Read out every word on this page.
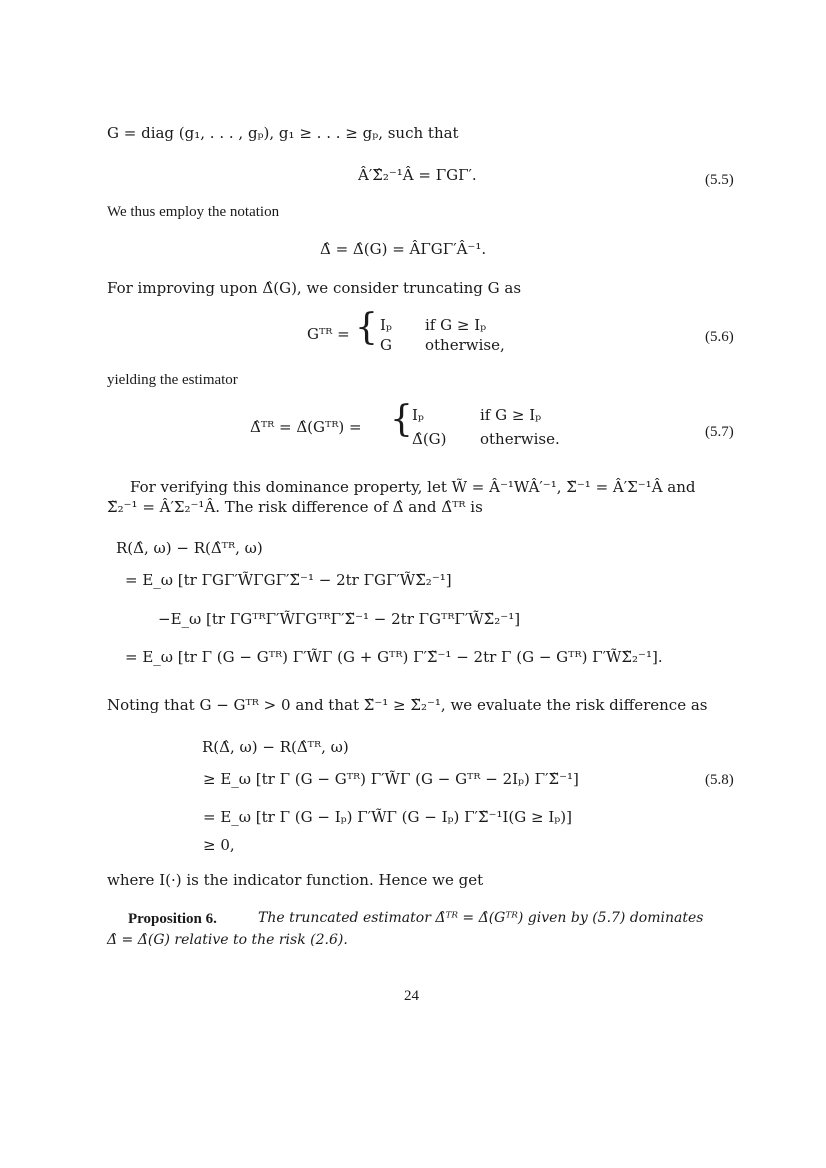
G = diag (g₁, . . . , gₚ), g₁ ≥ . . . ≥ gₚ, such that
Â′Σ̂₂⁻¹Â = ΓGΓ′.	(5.5)
We thus employ the notation
Δ̂ = Δ̂(G) = ÂΓGΓ′Â⁻¹.
For improving upon Δ̂(G), we consider truncating G as
Gᵀᴿ = { Iₚ if G ≥ Iₚ
G otherwise,	(5.6)
yielding the estimator
Δ̂ᵀᴿ = Δ̂(Gᵀᴿ) = { Iₚ	if G ≥ Iₚ
Δ̂(G) otherwise.	(5.7)
For verifying this dominance property, let W̃ = Â⁻¹WÂ′⁻¹, Σ̃⁻¹ = Â′Σ⁻¹Â and
Σ̃₂⁻¹ = Â′Σ₂⁻¹Â. The risk difference of Δ̂ and Δ̂ᵀᴿ is
R(Δ̂, ω) − R(Δ̂ᵀᴿ, ω)
= E_ω [tr ΓGΓ′W̃ΓGΓ′Σ̃⁻¹ − 2tr ΓGΓ′W̃Σ̃₂⁻¹]
−E_ω [tr ΓGᵀᴿΓ′W̃ΓGᵀᴿΓ′Σ̃⁻¹ − 2tr ΓGᵀᴿΓ′W̃Σ̃₂⁻¹]
= E_ω [tr Γ (G − Gᵀᴿ) Γ′W̃Γ (G + Gᵀᴿ) Γ′Σ̃⁻¹ − 2tr Γ (G − Gᵀᴿ) Γ′W̃Σ̃₂⁻¹].
Noting that G − Gᵀᴿ > 0 and that Σ̃⁻¹ ≥ Σ̃₂⁻¹, we evaluate the risk difference as
R(Δ̂, ω) − R(Δ̂ᵀᴿ, ω)
≥ E_ω [tr Γ (G − Gᵀᴿ) Γ′W̃Γ (G − Gᵀᴿ − 2Iₚ) Γ′Σ̃⁻¹]
= E_ω [tr Γ (G − Iₚ) Γ′W̃Γ (G − Iₚ) Γ′Σ̃⁻¹I(G ≥ Iₚ)]
≥ 0,
(5.8)
where I(·) is the indicator function. Hence we get
Proposition 6.	The truncated estimator Δ̂ᵀᴿ = Δ̂(Gᵀᴿ) given by (5.7) dominates
Δ̂ = Δ̂(G) relative to the risk (2.6).
24
